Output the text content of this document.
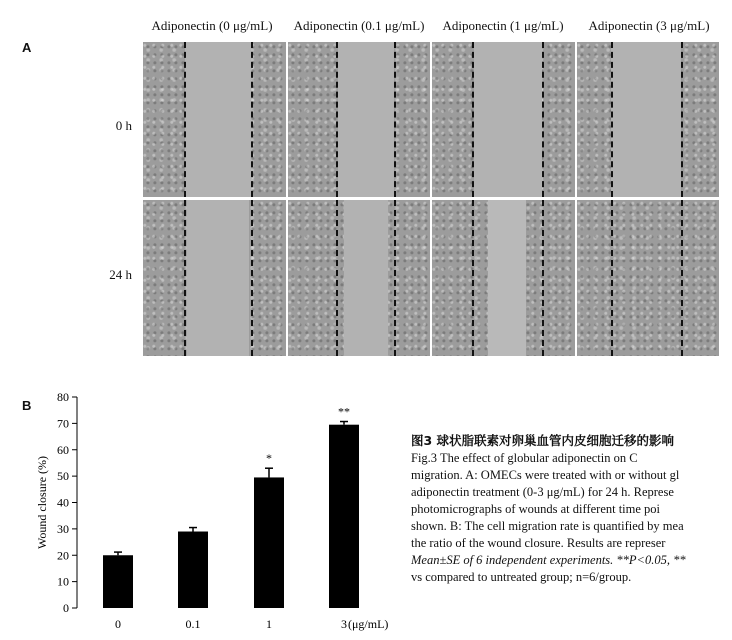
A
Adiponectin (0 μg/mL)	Adiponectin (0.1 μg/mL)	Adiponectin (1 μg/mL)	Adiponectin (3 μg/mL)
0 h
24 h
B
0
10
20
30
40
50
60
70
80
Wound closure (%)
0	0.1
*
1
**
3 (μg/mL)
图3 球状脂联素对卵巢血管内皮细胞迁移的影响
Fig.3 The effect of globular adiponectin on C
migration. A: OMECs were treated with or without gl
adiponectin treatment (0-3 μg/mL) for 24 h. Represe
photomicrographs of wounds at different time poi
shown. B: The cell migration rate is quantified by mea
the ratio of the wound closure. Results are represer
Mean±SE of 6 independent experiments. **P<0.05, **
vs compared to untreated group; n=6/group.
